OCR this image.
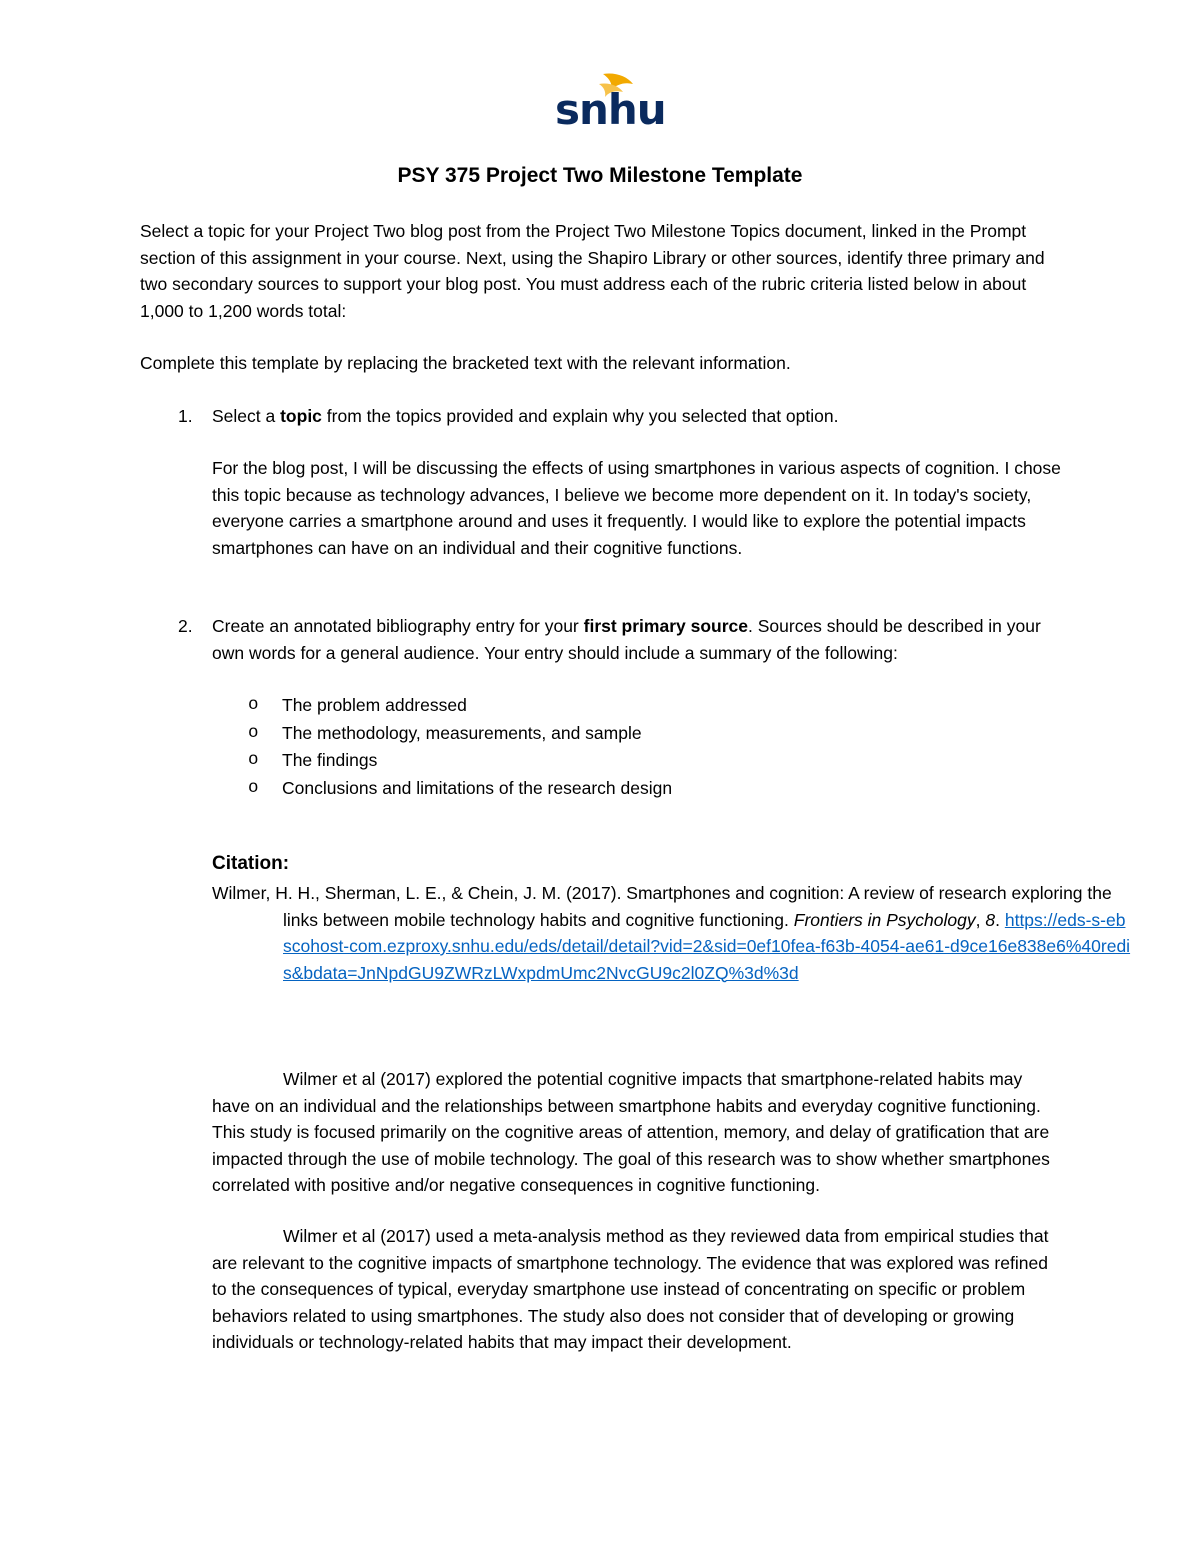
snhu
PSY 375 Project Two Milestone Template
Select a topic for your Project Two blog post from the Project Two Milestone Topics document, linked in the Prompt section of this assignment in your course. Next, using the Shapiro Library or other sources, identify three primary and two secondary sources to support your blog post. You must address each of the rubric criteria listed below in about 1,000 to 1,200 words total:
Complete this template by replacing the bracketed text with the relevant information.
1. Select a topic from the topics provided and explain why you selected that option.
For the blog post, I will be discussing the effects of using smartphones in various aspects of cognition. I chose this topic because as technology advances, I believe we become more dependent on it. In today's society, everyone carries a smartphone around and uses it frequently. I would like to explore the potential impacts smartphones can have on an individual and their cognitive functions.
2. Create an annotated bibliography entry for your first primary source. Sources should be described in your own words for a general audience. Your entry should include a summary of the following:
o The problem addressed
o The methodology, measurements, and sample
o The findings
o Conclusions and limitations of the research design
Citation:
Wilmer, H. H., Sherman, L. E., & Chein, J. M. (2017). Smartphones and cognition: A review of research exploring the links between mobile technology habits and cognitive functioning. Frontiers in Psychology, 8. https://eds-s-ebscohost-com.ezproxy.snhu.edu/eds/detail/detail?vid=2&sid=0ef10fea-f63b-4054-ae61-d9ce16e838e6%40redis&bdata=JnNpdGU9ZWRzLWxpdmUmc2NvcGU9c2l0ZQ%3d%3d
Wilmer et al (2017) explored the potential cognitive impacts that smartphone-related habits may have on an individual and the relationships between smartphone habits and everyday cognitive functioning. This study is focused primarily on the cognitive areas of attention, memory, and delay of gratification that are impacted through the use of mobile technology. The goal of this research was to show whether smartphones correlated with positive and/or negative consequences in cognitive functioning.
Wilmer et al (2017) used a meta-analysis method as they reviewed data from empirical studies that are relevant to the cognitive impacts of smartphone technology. The evidence that was explored was refined to the consequences of typical, everyday smartphone use instead of concentrating on specific or problem behaviors related to using smartphones. The study also does not consider that of developing or growing individuals or technology-related habits that may impact their development.
